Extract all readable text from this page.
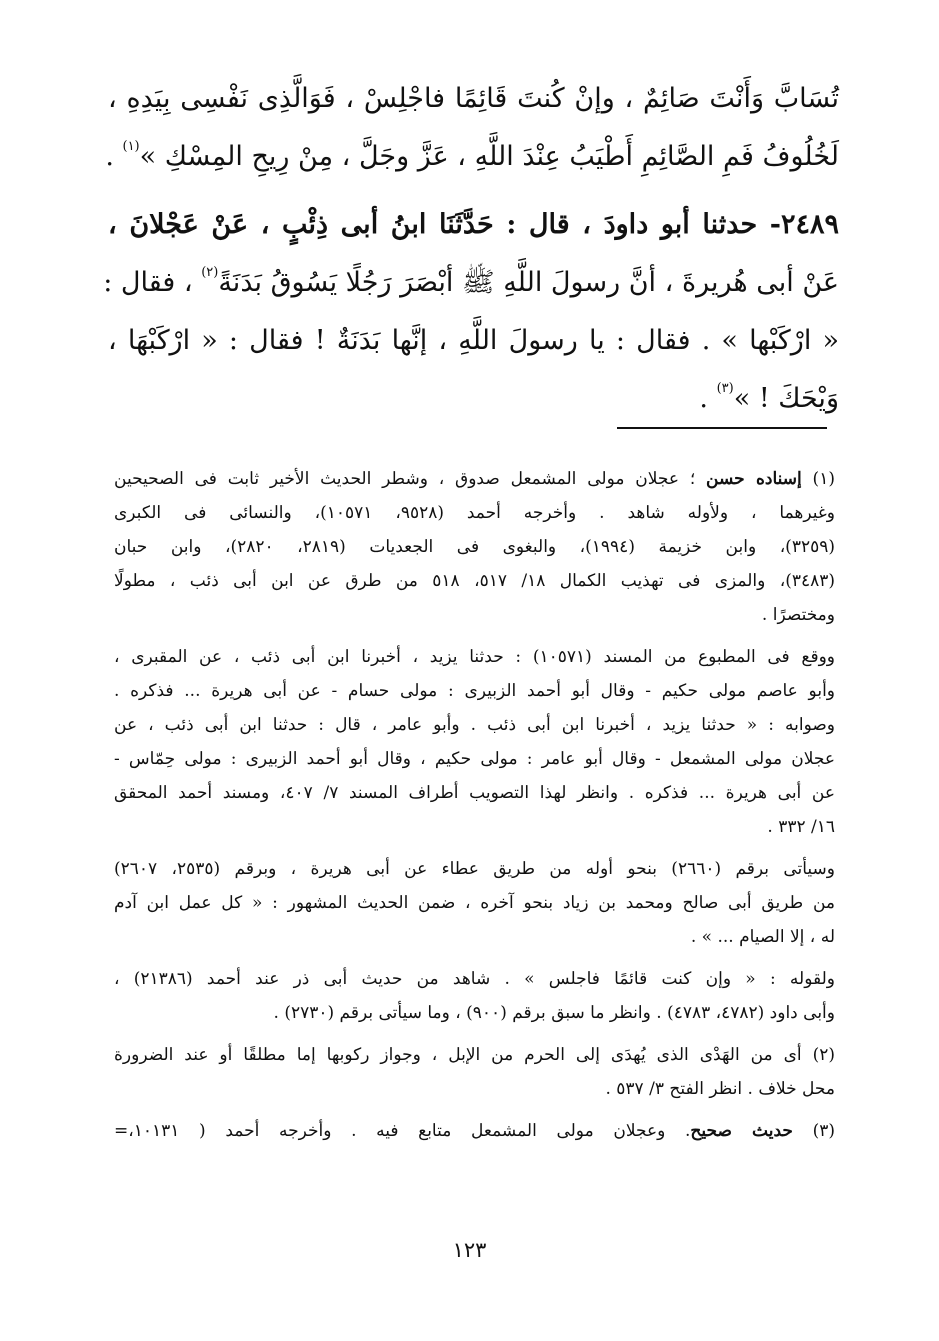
تُسَابَّ وَأَنْتَ صَائِمٌ ، وإنْ كُنتَ قَائِمًا فاجْلِسْ ، فَوَالَّذِى نَفْسِى بِيَدِهِ ،
لَخُلُوفُ فَمِ الصَّائِمِ أَطْيَبُ عِنْدَ اللَّهِ ، عَزَّ وجَلَّ ، مِنْ رِيحِ المِسْكِ »$^{(١)}$ .
٢٤٨٩- حدثنا أبو داودَ ، قال : حَدَّثَنَا ابنُ أبى ذِئْبٍ ، عَنْ عَجْلانَ ،
عَنْ أبى هُريرةَ ، أنَّ رسولَ اللَّهِ ﷺ أبْصَرَ رَجُلًا يَسُوقُ بَدَنَةً$^{(٢)}$ ، فقال :
« ارْكَبْها » . فقال : يا رسولَ اللَّهِ ، إنَّها بَدَنَةٌ ! فقال : « ارْكَبْهَا ،
وَيْحَكَ ! »$^{(٣)}$ .
(١) إسناده حسن ؛ عجلان مولى المشمعل صدوق ، وشطر الحديث الأخير ثابت فى الصحيحين
وغيرهما ، ولأوله شاهد . وأخرجه أحمد (٩٥٢٨، ١٠٥٧١)، والنسائى فى الكبرى
(٣٢٥٩)، وابن خزيمة (١٩٩٤)، والبغوى فى الجعديات (٢٨١٩، ٢٨٢٠)، وابن حبان
(٣٤٨٣)، والمزى فى تهذيب الكمال ١٨/ ٥١٧، ٥١٨ من طرق عن ابن أبى ذئب ، مطولًا
ومختصرًا .
ووقع فى المطبوع من المسند (١٠٥٧١) : حدثنا يزيد ، أخبرنا ابن أبى ذئب ، عن المقبرى ،
وأبو عاصم مولى حكيم - وقال أبو أحمد الزبيرى : مولى حسام - عن أبى هريرة ... فذكره .
وصوابه : « حدثنا يزيد ، أخبرنا ابن أبى ذئب . وأبو عامر ، قال : حدثنا ابن أبى ذئب ، عن
عجلان مولى المشمعل - وقال أبو عامر : مولى حكيم ، وقال أبو أحمد الزبيرى : مولى حِمّاس -
عن أبى هريرة ... فذكره . وانظر لهذا التصويب أطراف المسند ٧/ ٤٠٧، ومسند أحمد المحقق
١٦/ ٣٣٢ .
وسيأتى برقم (٢٦٦٠) بنحو أوله من طريق عطاء عن أبى هريرة ، وبرقم (٢٥٣٥، ٢٦٠٧)
من طريق أبى صالح ومحمد بن زياد بنحو آخره ، ضمن الحديث المشهور : « كل عمل ابن آدم
له ، إلا الصيام ... » .
ولقوله : « وإن كنت قائمًا فاجلس » . شاهد من حديث أبى ذر عند أحمد (٢١٣٨٦) ،
وأبى داود (٤٧٨٢، ٤٧٨٣) . وانظر ما سبق برقم (٩٠٠) ، وما سيأتى برقم (٢٧٣٠) .
(٢) أى من الهَدْى الذى يُهدَى إلى الحرم من الإبل ، وجواز ركوبها إما مطلقًا أو عند الضرورة
محل خلاف . انظر الفتح ٣/ ٥٣٧ .
(٣) حديث صحيح. وعجلان مولى المشمعل متابع فيه . وأخرجه أحمد ( ١٠١٣١،=
١٢٣
